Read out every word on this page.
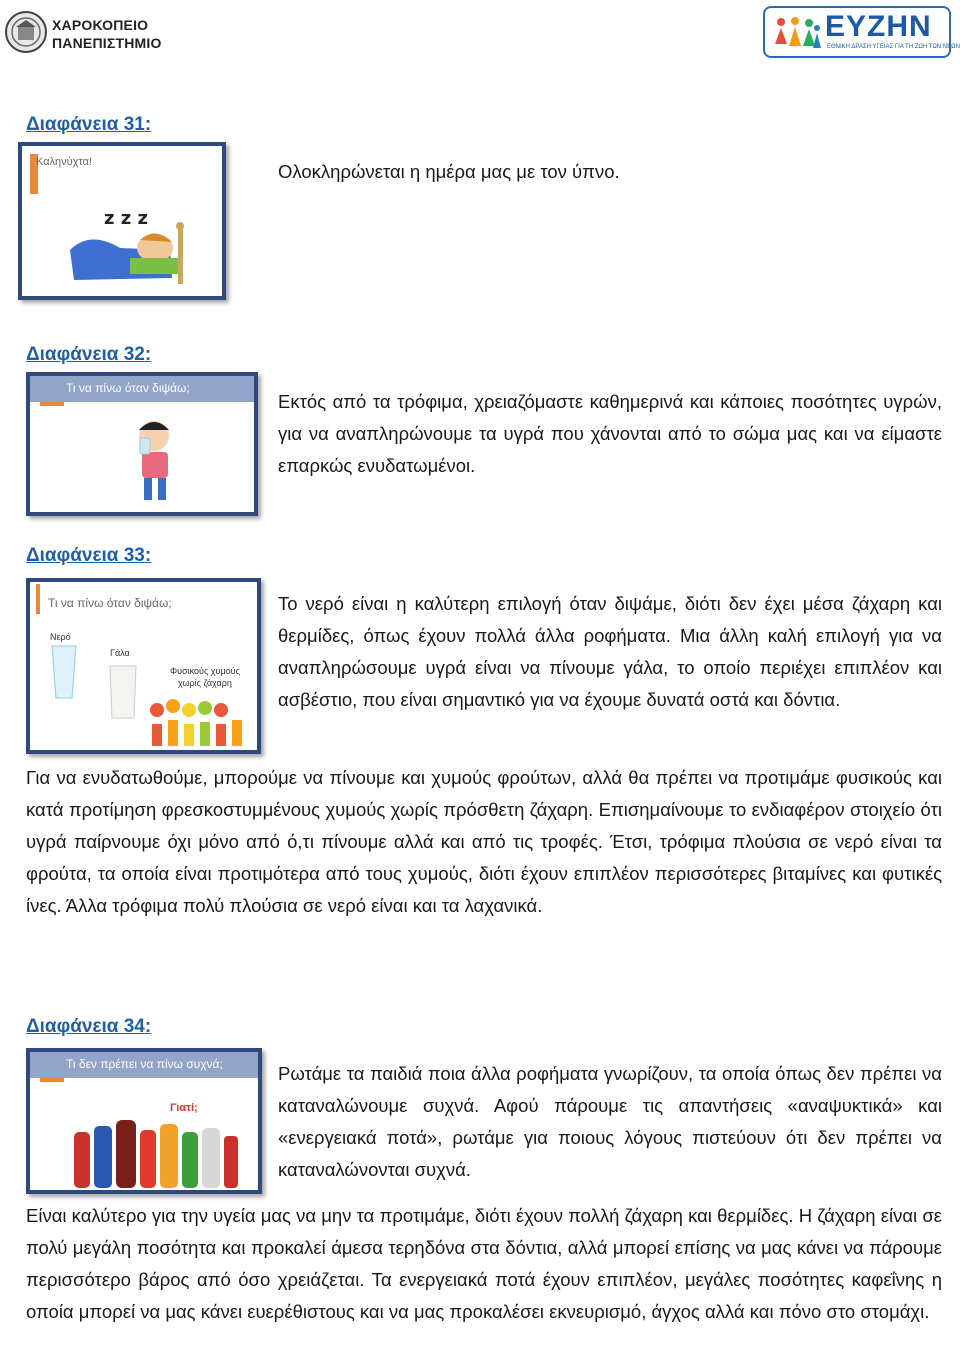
ΧΑΡΟΚΟΠΕΙΟ
ΠΑΝΕΠΙΣΤΗΜΙΟ	ΕΥΖΗΝ
ΕΘΝΙΚΗ ΔΡΑΣΗ ΥΓΕΙΑΣ ΓΙΑ ΤΗ ΖΩΗ ΤΩΝ ΝΕΩΝ
Διαφάνεια 31:
Καληνύχτα!
z z z
Ολοκληρώνεται η ημέρα μας με τον ύπνο.
Διαφάνεια 32:
Τι να πίνω όταν διψάω;
Εκτός από τα τρόφιμα, χρειαζόμαστε καθημερινά και κάποιες ποσότητες υγρών, για να αναπληρώνουμε τα υγρά που χάνονται από το σώμα μας και να είμαστε επαρκώς ενυδατωμένοι.
Διαφάνεια 33:
Τι να πίνω όταν διψάω;
Νερό
Γάλα
Φυσικούς χυμούς
χωρίς ζάχαρη
Το νερό είναι η καλύτερη επιλογή όταν διψάμε, διότι δεν έχει μέσα ζάχαρη και θερμίδες, όπως έχουν πολλά άλλα ροφήματα. Μια άλλη καλή επιλογή για να αναπληρώσουμε υγρά είναι να πίνουμε γάλα, το οποίο περιέχει επιπλέον και ασβέστιο, που είναι σημαντικό για να έχουμε δυνατά οστά και δόντια.
Για να ενυδατωθούμε, μπορούμε να πίνουμε και χυμούς φρούτων, αλλά θα πρέπει να προτιμάμε φυσικούς και κατά προτίμηση φρεσκοστυμμένους χυμούς χωρίς πρόσθετη ζάχαρη. Επισημαίνουμε το ενδιαφέρον στοιχείο ότι υγρά παίρνουμε όχι μόνο από ό,τι πίνουμε αλλά και από τις τροφές. Έτσι, τρόφιμα πλούσια σε νερό είναι τα φρούτα, τα οποία είναι προτιμότερα από τους χυμούς, διότι έχουν επιπλέον περισσότερες βιταμίνες και φυτικές ίνες. Άλλα τρόφιμα πολύ πλούσια σε νερό είναι και τα λαχανικά.
Διαφάνεια 34:
Τι δεν πρέπει να πίνω συχνά;
Γιατί;
Ρωτάμε τα παιδιά ποια άλλα ροφήματα γνωρίζουν, τα οποία όπως δεν πρέπει να καταναλώνουμε συχνά. Αφού πάρουμε τις απαντήσεις «αναψυκτικά» και «ενεργειακά ποτά», ρωτάμε για ποιους λόγους πιστεύουν ότι δεν πρέπει να καταναλώνονται συχνά.
Είναι καλύτερο για την υγεία μας να μην τα προτιμάμε, διότι έχουν πολλή ζάχαρη και θερμίδες. Η ζάχαρη είναι σε πολύ μεγάλη ποσότητα και προκαλεί άμεσα τερηδόνα στα δόντια, αλλά μπορεί επίσης να μας κάνει να πάρουμε περισσότερο βάρος από όσο χρειάζεται. Τα ενεργειακά ποτά έχουν επιπλέον, μεγάλες ποσότητες καφεΐνης η οποία μπορεί να μας κάνει ευερέθιστους και να μας προκαλέσει εκνευρισμό, άγχος αλλά και πόνο στο στομάχι.
